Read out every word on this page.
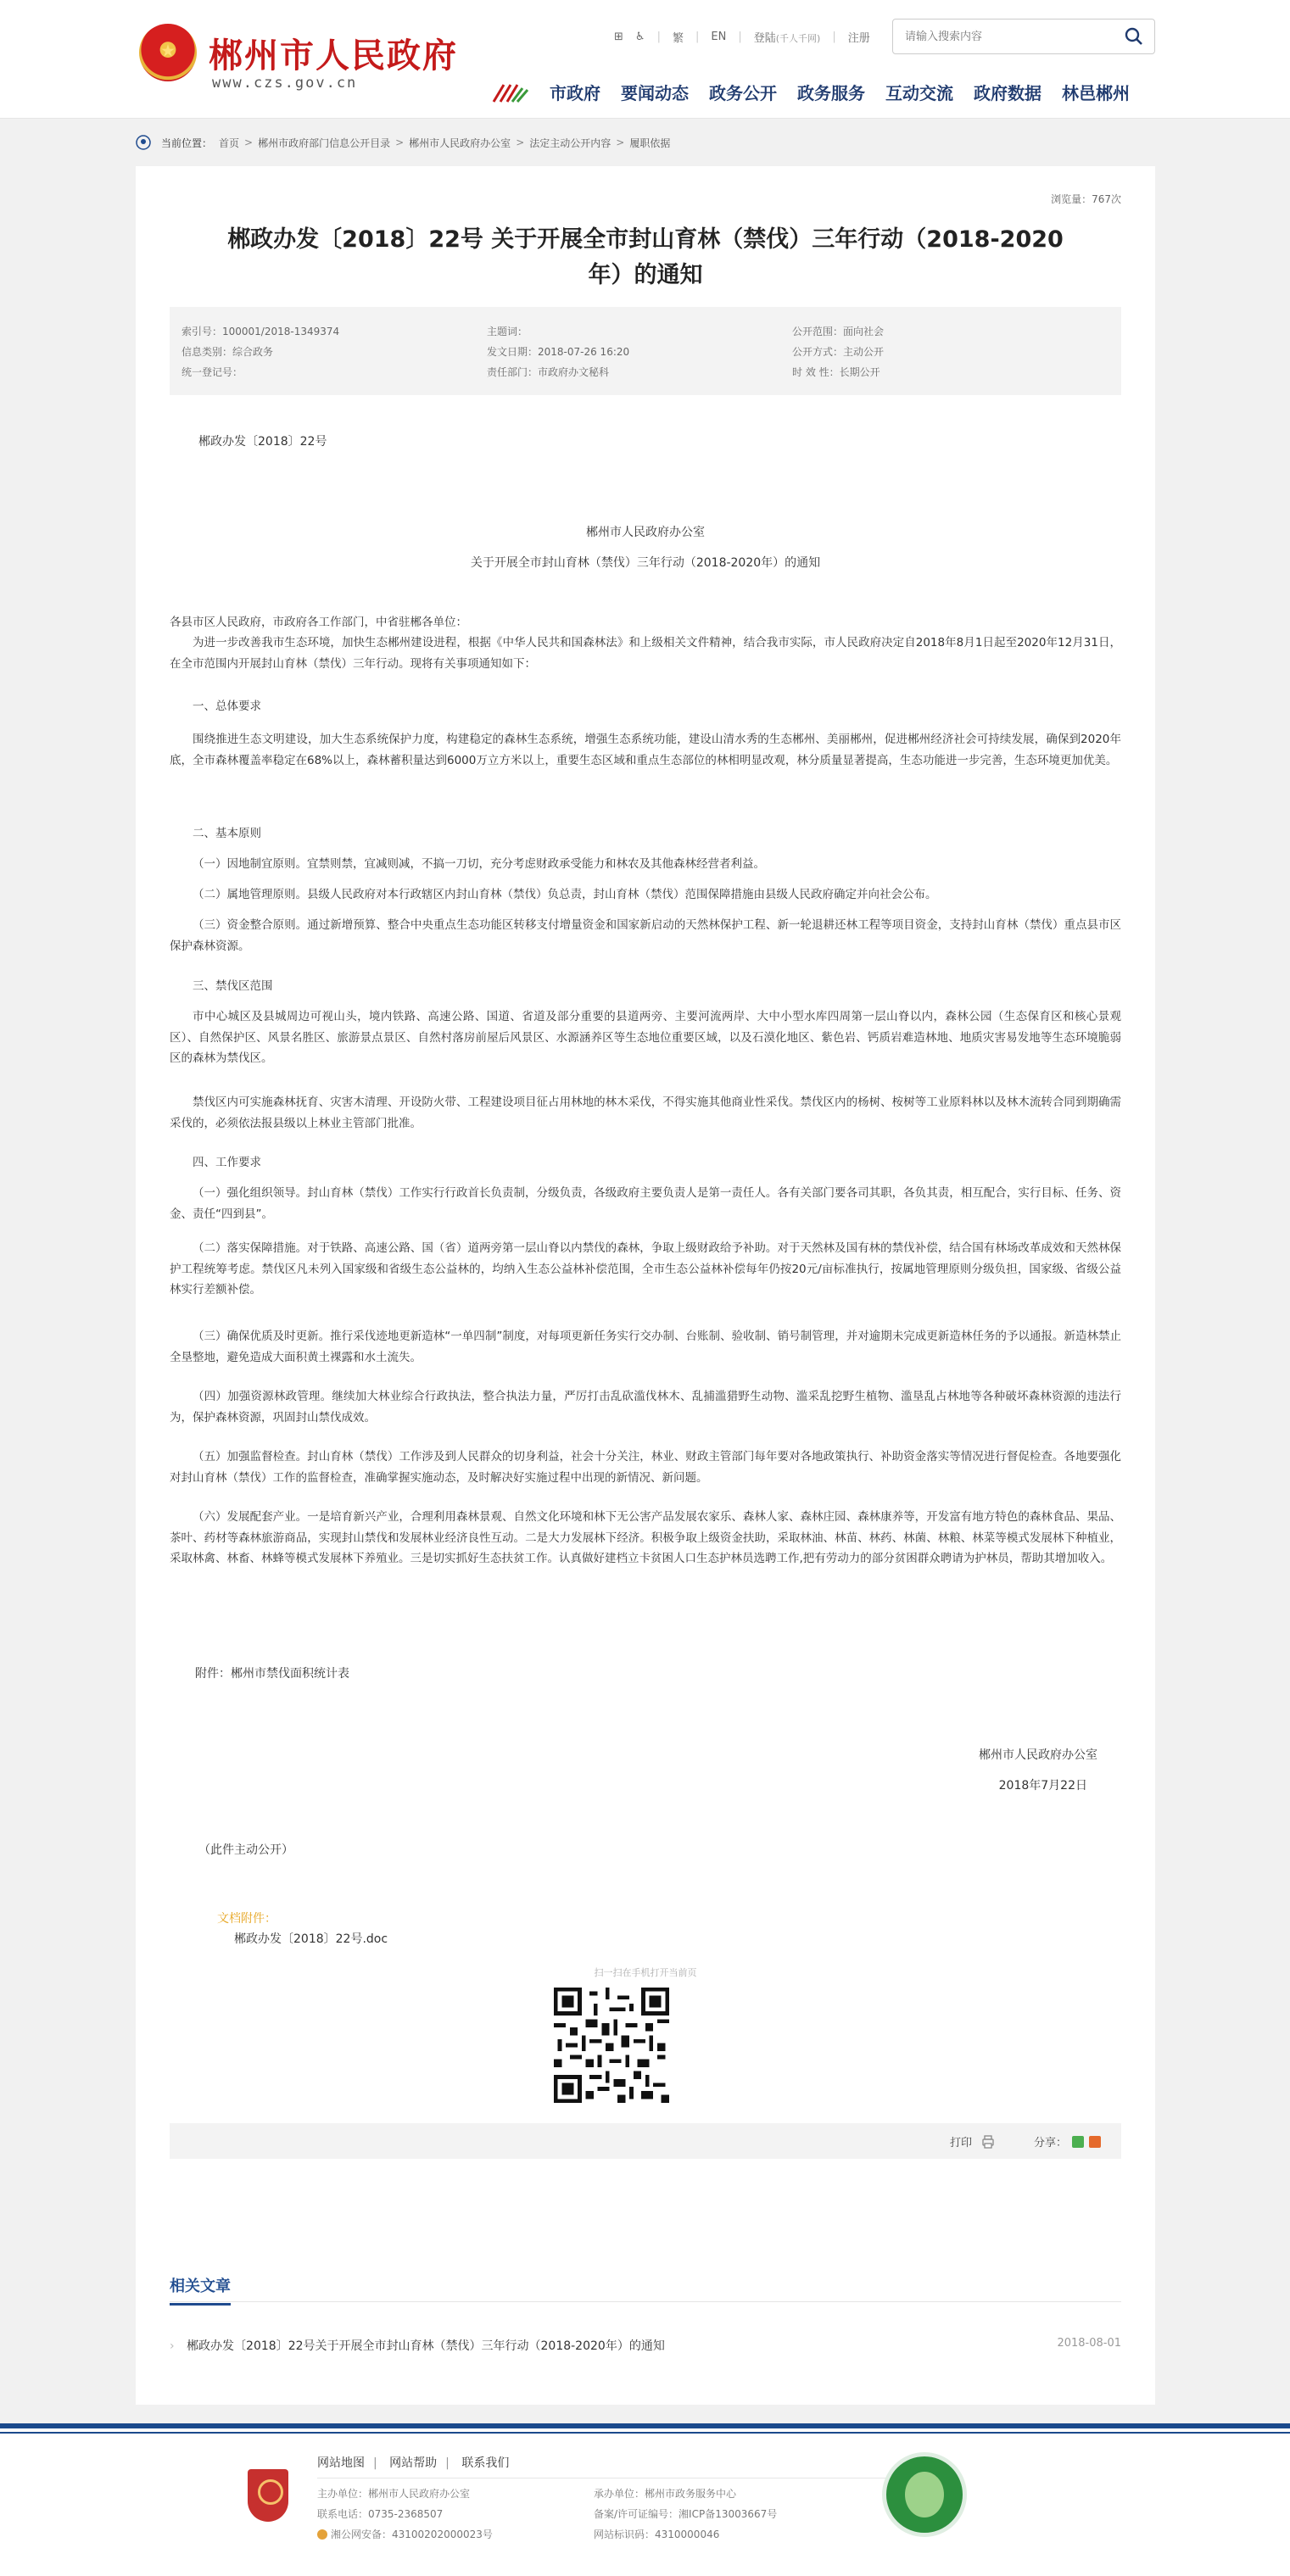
郴州市人民政府
www.czs.gov.cn
⊞ ♿ | 繁 | EN | 登陆(千人千网) | 注册
请输入搜索内容
市政府 要闻动态 政务公开 政务服务 互动交流 政府数据 林邑郴州
当前位置： 首页 > 郴州市政府部门信息公开目录 > 郴州市人民政府办公室 > 法定主动公开内容 > 履职依据
浏览量：767次
郴政办发〔2018〕22号 关于开展全市封山育林（禁伐）三年行动（2018-2020
年）的通知
索引号：100001/2018-1349374
信息类别：综合政务
统一登记号：
主题词：
发文日期：2018-07-26 16:20
责任部门：市政府办文秘科
公开范围：面向社会
公开方式：主动公开
时 效 性：长期公开
郴政办发〔2018〕22号
郴州市人民政府办公室
关于开展全市封山育林（禁伐）三年行动（2018-2020年）的通知
各县市区人民政府，市政府各工作部门，中省驻郴各单位：
为进一步改善我市生态环境，加快生态郴州建设进程，根据《中华人民共和国森林法》和上级相关文件精神，结合我市实际，市人民政府决定自2018年8月1日起至2020年12月31日，在全市范围内开展封山育林（禁伐）三年行动。现将有关事项通知如下：
一、总体要求
围绕推进生态文明建设，加大生态系统保护力度，构建稳定的森林生态系统，增强生态系统功能，建设山清水秀的生态郴州、美丽郴州，促进郴州经济社会可持续发展，确保到2020年底，全市森林覆盖率稳定在68%以上，森林蓄积量达到6000万立方米以上，重要生态区域和重点生态部位的林相明显改观，林分质量显著提高，生态功能进一步完善，生态环境更加优美。
二、基本原则
（一）因地制宜原则。宜禁则禁，宜减则减，不搞一刀切，充分考虑财政承受能力和林农及其他森林经营者利益。
（二）属地管理原则。县级人民政府对本行政辖区内封山育林（禁伐）负总责，封山育林（禁伐）范围保障措施由县级人民政府确定并向社会公布。
（三）资金整合原则。通过新增预算、整合中央重点生态功能区转移支付增量资金和国家新启动的天然林保护工程、新一轮退耕还林工程等项目资金，支持封山育林（禁伐）重点县市区保护森林资源。
三、禁伐区范围
市中心城区及县城周边可视山头，境内铁路、高速公路、国道、省道及部分重要的县道两旁、主要河流两岸、大中小型水库四周第一层山脊以内，森林公园（生态保育区和核心景观区）、自然保护区、风景名胜区、旅游景点景区、自然村落房前屋后风景区、水源涵养区等生态地位重要区域，以及石漠化地区、紫色岩、钙质岩难造林地、地质灾害易发地等生态环境脆弱区的森林为禁伐区。
禁伐区内可实施森林抚育、灾害木清理、开设防火带、工程建设项目征占用林地的林木采伐，不得实施其他商业性采伐。禁伐区内的杨树、桉树等工业原料林以及林木流转合同到期确需采伐的，必须依法报县级以上林业主管部门批准。
四、工作要求
（一）强化组织领导。封山育林（禁伐）工作实行行政首长负责制，分级负责，各级政府主要负责人是第一责任人。各有关部门要各司其职，各负其责，相互配合，实行目标、任务、资金、责任“四到县”。
（二）落实保障措施。对于铁路、高速公路、国（省）道两旁第一层山脊以内禁伐的森林，争取上级财政给予补助。对于天然林及国有林的禁伐补偿，结合国有林场改革成效和天然林保护工程统筹考虑。禁伐区凡未列入国家级和省级生态公益林的，均纳入生态公益林补偿范围，全市生态公益林补偿每年仍按20元/亩标准执行，按属地管理原则分级负担，国家级、省级公益林实行差额补偿。
（三）确保优质及时更新。推行采伐迹地更新造林“一单四制”制度，对每项更新任务实行交办制、台账制、验收制、销号制管理，并对逾期未完成更新造林任务的予以通报。新造林禁止全垦整地，避免造成大面积黄土裸露和水土流失。
（四）加强资源林政管理。继续加大林业综合行政执法，整合执法力量，严厉打击乱砍滥伐林木、乱捕滥猎野生动物、滥采乱挖野生植物、滥垦乱占林地等各种破坏森林资源的违法行为，保护森林资源，巩固封山禁伐成效。
（五）加强监督检查。封山育林（禁伐）工作涉及到人民群众的切身利益，社会十分关注，林业、财政主管部门每年要对各地政策执行、补助资金落实等情况进行督促检查。各地要强化对封山育林（禁伐）工作的监督检查，准确掌握实施动态，及时解决好实施过程中出现的新情况、新问题。
（六）发展配套产业。一是培育新兴产业，合理利用森林景观、自然文化环境和林下无公害产品发展农家乐、森林人家、森林庄园、森林康养等，开发富有地方特色的森林食品、果品、茶叶、药材等森林旅游商品，实现封山禁伐和发展林业经济良性互动。二是大力发展林下经济。积极争取上级资金扶助，采取林油、林苗、林药、林菌、林粮、林菜等模式发展林下种植业，采取林禽、林畜、林蜂等模式发展林下养殖业。三是切实抓好生态扶贫工作。认真做好建档立卡贫困人口生态护林员选聘工作,把有劳动力的部分贫困群众聘请为护林员，帮助其增加收入。
附件：郴州市禁伐面积统计表
郴州市人民政府办公室
2018年7月22日
（此件主动公开）
文档附件：
郴政办发〔2018〕22号.doc
扫一扫在手机打开当前页
打印	分享：
相关文章
› 郴政办发〔2018〕22号关于开展全市封山育林（禁伐）三年行动（2018-2020年）的通知	2018-08-01
网站地图 | 网站帮助 | 联系我们
主办单位：郴州市人民政府办公室
联系电话：0735-2368507
湘公网安备：43100202000023号
承办单位：郴州市政务服务中心
备案/许可证编号：湘ICP备13003667号
网站标识码：4310000046
